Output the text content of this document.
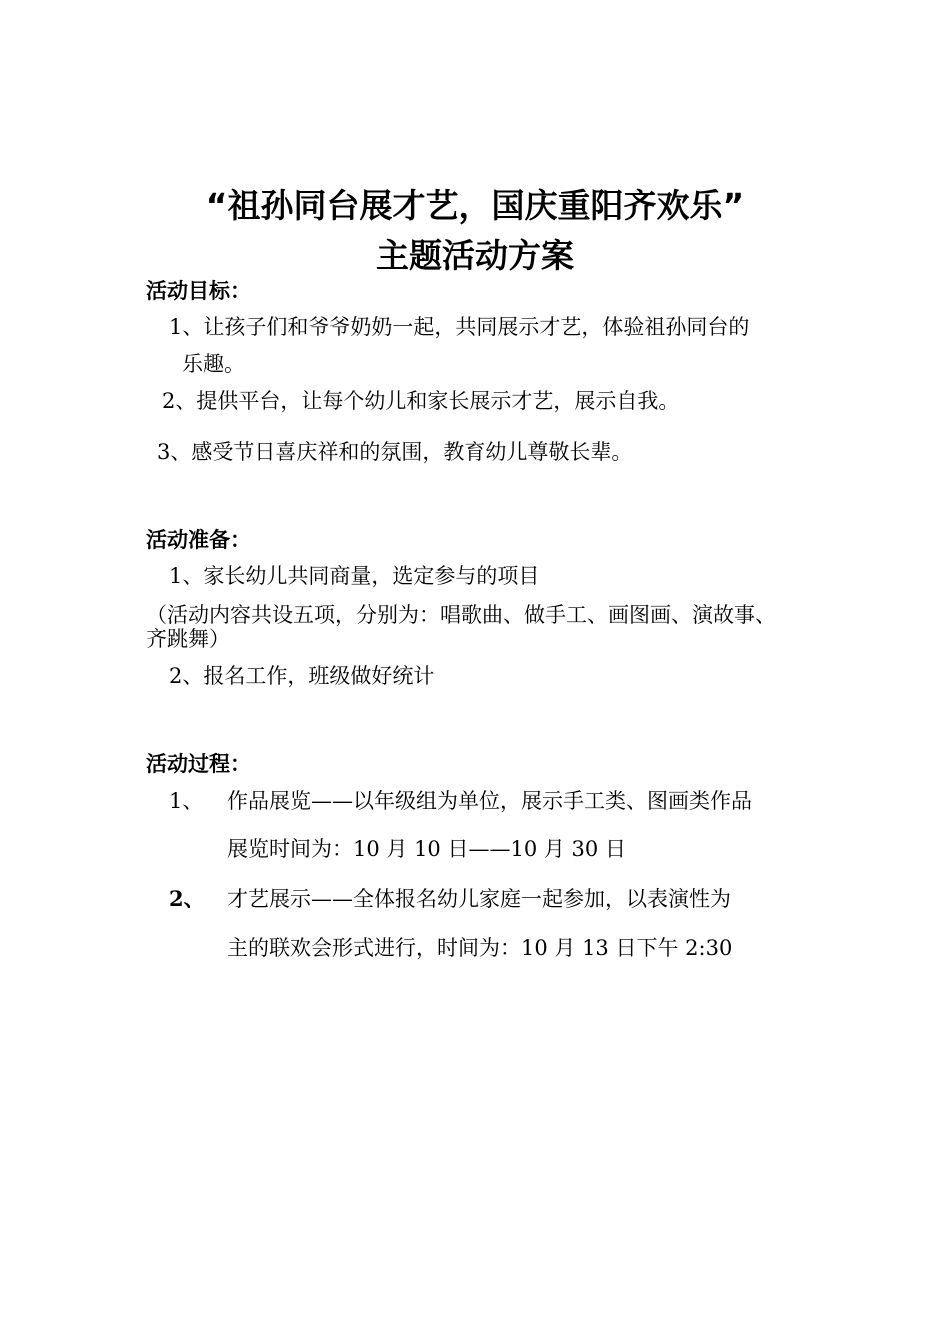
“祖孙同台展才艺，国庆重阳齐欢乐”
主题活动方案
活动目标：
1、让孩子们和爷爷奶奶一起，共同展示才艺，体验祖孙同台的
乐趣。
2、提供平台，让每个幼儿和家长展示才艺，展示自我。
3、感受节日喜庆祥和的氛围，教育幼儿尊敬长辈。
活动准备：
1、家长幼儿共同商量，选定参与的项目
（活动内容共设五项，分别为：唱歌曲、做手工、画图画、演故事、
齐跳舞）
2、报名工作，班级做好统计
活动过程：
1、 作品展览——以年级组为单位，展示手工类、图画类作品
展览时间为：10 月 10 日——10 月 30 日
2、 才艺展示——全体报名幼儿家庭一起参加，以表演性为
主的联欢会形式进行，时间为：10 月 13 日下午 2:30
